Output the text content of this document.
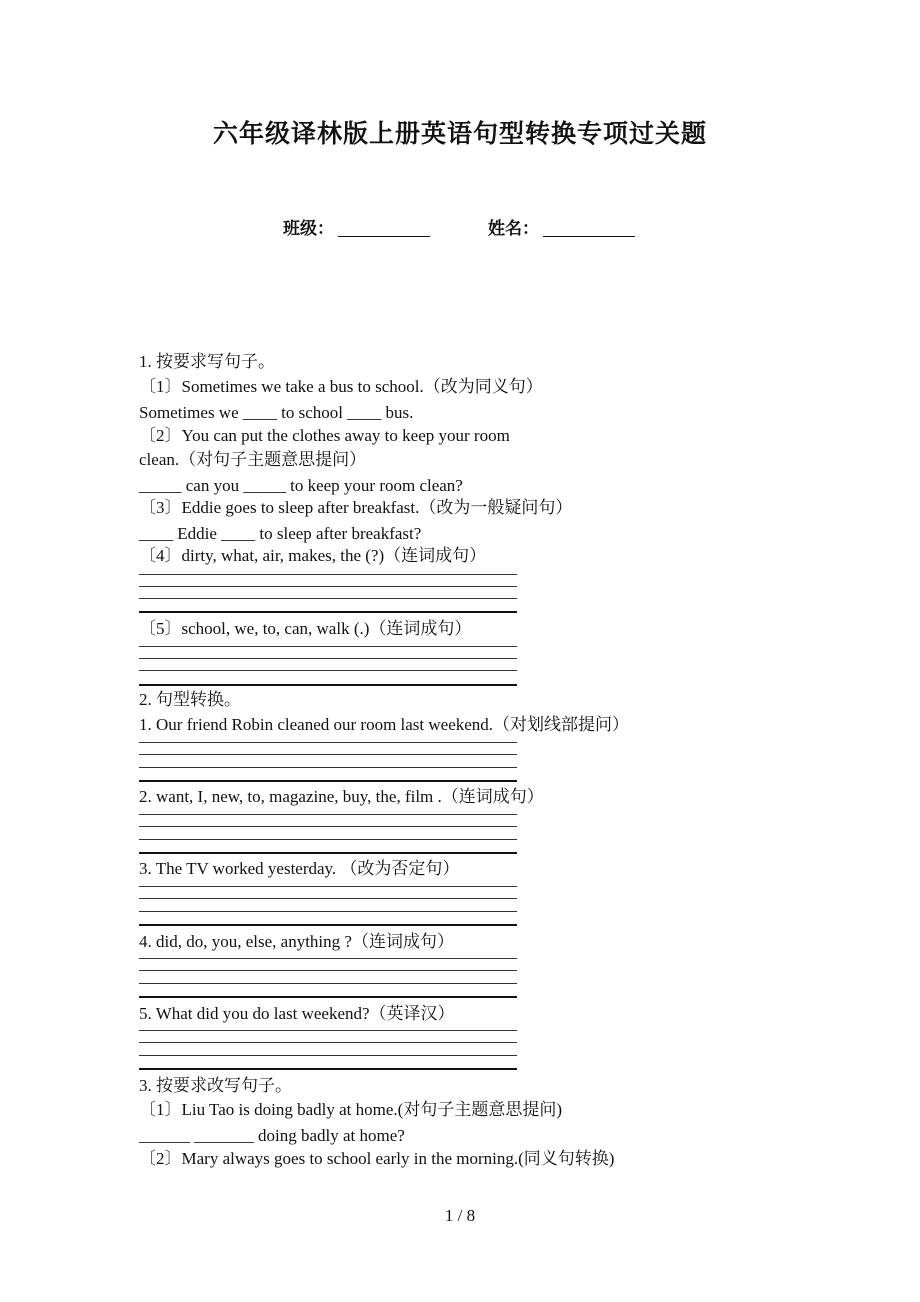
六年级译林版上册英语句型转换专项过关题
班级：	姓名：
1. 按要求写句子。
〔1〕Sometimes we take a bus to school.（改为同义句）
Sometimes we ____ to school ____ bus.
〔2〕You can put the clothes away to keep your room
clean.（对句子主题意思提问）
_____ can you _____ to keep your room clean?
〔3〕Eddie goes to sleep after breakfast.（改为一般疑问句）
____ Eddie ____ to sleep after breakfast?
〔4〕dirty, what, air, makes, the (?)（连词成句）
〔5〕school, we, to, can, walk (.)（连词成句）
2. 句型转换。
1. Our friend Robin cleaned our room last weekend.（对划线部提问）
2. want, I, new, to, magazine, buy, the, film .（连词成句）
3. The TV worked yesterday. （改为否定句）
4. did, do, you, else, anything ?（连词成句）
5. What did you do last weekend?（英译汉）
3. 按要求改写句子。
〔1〕Liu Tao is doing badly at home.(对句子主题意思提问)
______ _______ doing badly at home?
〔2〕Mary always goes to school early in the morning.(同义句转换)
1 / 8
